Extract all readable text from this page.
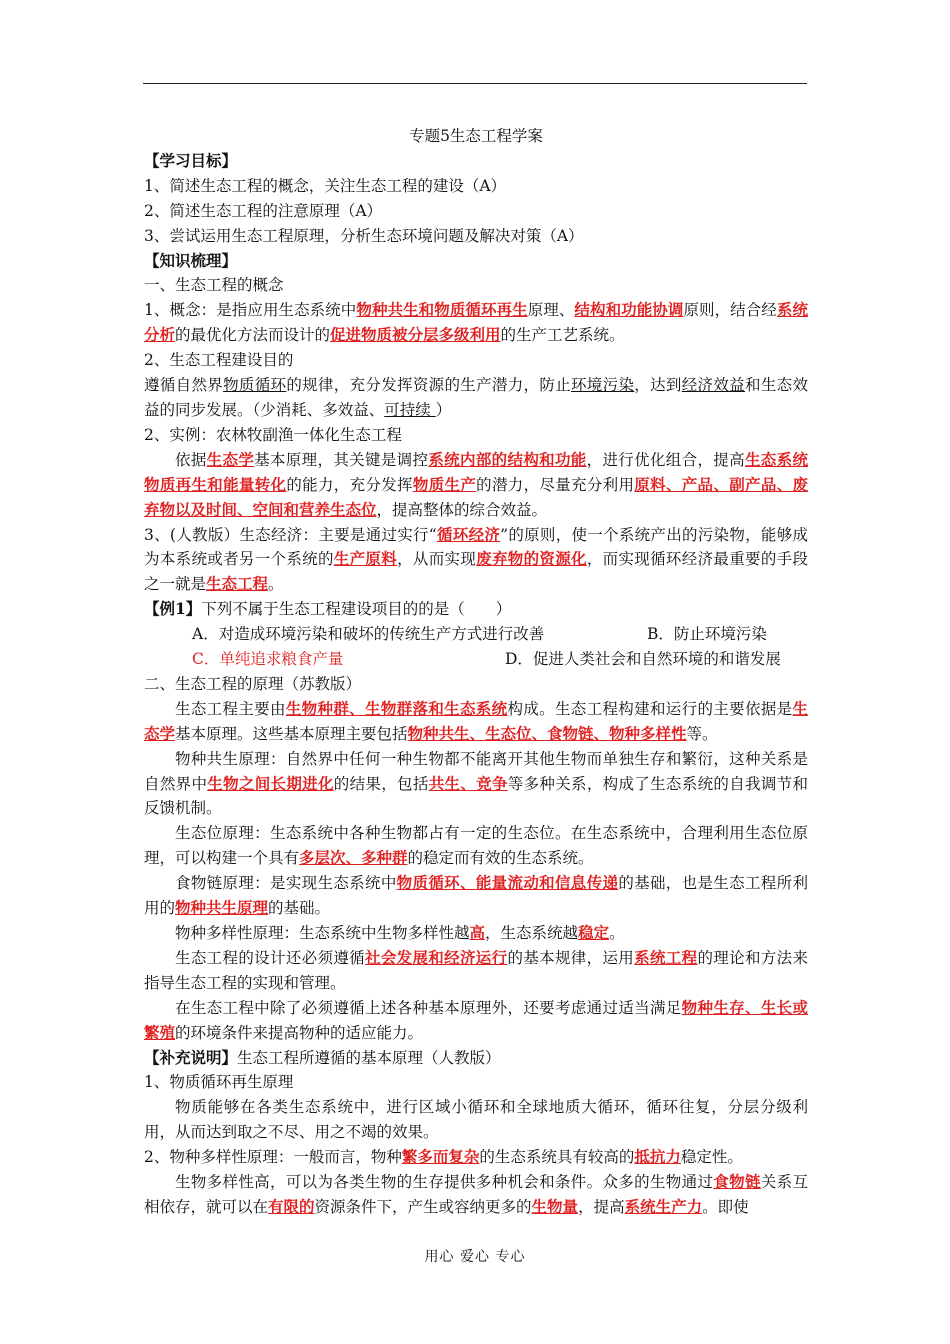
专题5生态工程学案

【学习目标】

1、简述生态工程的概念，关注生态工程的建设（A）

2、简述生态工程的注意原理（A）

3、尝试运用生态工程原理，分析生态环境问题及解决对策（A）

【知识梳理】

一、生态工程的概念

1、概念：是指应用生态系统中物种共生和物质循环再生原理、结构和功能协调原则，结合经系统分析的最优化方法而设计的促进物质被分层多级利用的生产工艺系统。

2、生态工程建设目的

遵循自然界物质循环的规律，充分发挥资源的生产潜力，防止环境污染，达到经济效益和生态效益的同步发展。（少消耗、多效益、可持续 ）

2、实例：农林牧副渔一体化生态工程

依据生态学基本原理，其关键是调控系统内部的结构和功能，进行优化组合，提高生态系统物质再生和能量转化的能力，充分发挥物质生产的潜力，尽量充分利用原料、产品、副产品、废弃物以及时间、空间和营养生态位，提高整体的综合效益。

3、(人教版）生态经济：主要是通过实行“循环经济”的原则，使一个系统产出的污染物，能够成为本系统或者另一个系统的生产原料，从而实现废弃物的资源化，而实现循环经济最重要的手段之一就是生态工程。

【例1】下列不属于生态工程建设项目的的是（　　）

A．对造成环境污染和破坏的传统生产方式进行改善	B．防止环境污染
C．单纯追求粮食产量	D．促进人类社会和自然环境的和谐发展

二、生态工程的原理（苏教版）

生态工程主要由生物种群、生物群落和生态系统构成。生态工程构建和运行的主要依据是生态学基本原理。这些基本原理主要包括物种共生、生态位、食物链、物种多样性等。

物种共生原理：自然界中任何一种生物都不能离开其他生物而单独生存和繁衍，这种关系是自然界中生物之间长期进化的结果，包括共生、竞争等多种关系，构成了生态系统的自我调节和反馈机制。

生态位原理：生态系统中各种生物都占有一定的生态位。在生态系统中，合理利用生态位原理，可以构建一个具有多层次、多种群的稳定而有效的生态系统。

食物链原理：是实现生态系统中物质循环、能量流动和信息传递的基础，也是生态工程所利用的物种共生原理的基础。

物种多样性原理：生态系统中生物多样性越高，生态系统越稳定。

生态工程的设计还必须遵循社会发展和经济运行的基本规律，运用系统工程的理论和方法来指导生态工程的实现和管理。

在生态工程中除了必须遵循上述各种基本原理外，还要考虑通过适当满足物种生存、生长或繁殖的环境条件来提高物种的适应能力。

【补充说明】生态工程所遵循的基本原理（人教版）

1、物质循环再生原理

物质能够在各类生态系统中，进行区域小循环和全球地质大循环，循环往复，分层分级利用，从而达到取之不尽、用之不竭的效果。

2、物种多样性原理：一般而言，物种繁多而复杂的生态系统具有较高的抵抗力稳定性。

生物多样性高，可以为各类生物的生存提供多种机会和条件。众多的生物通过食物链关系互相依存，就可以在有限的资源条件下，产生或容纳更多的生物量，提高系统生产力。即使

用心 爱心 专心
